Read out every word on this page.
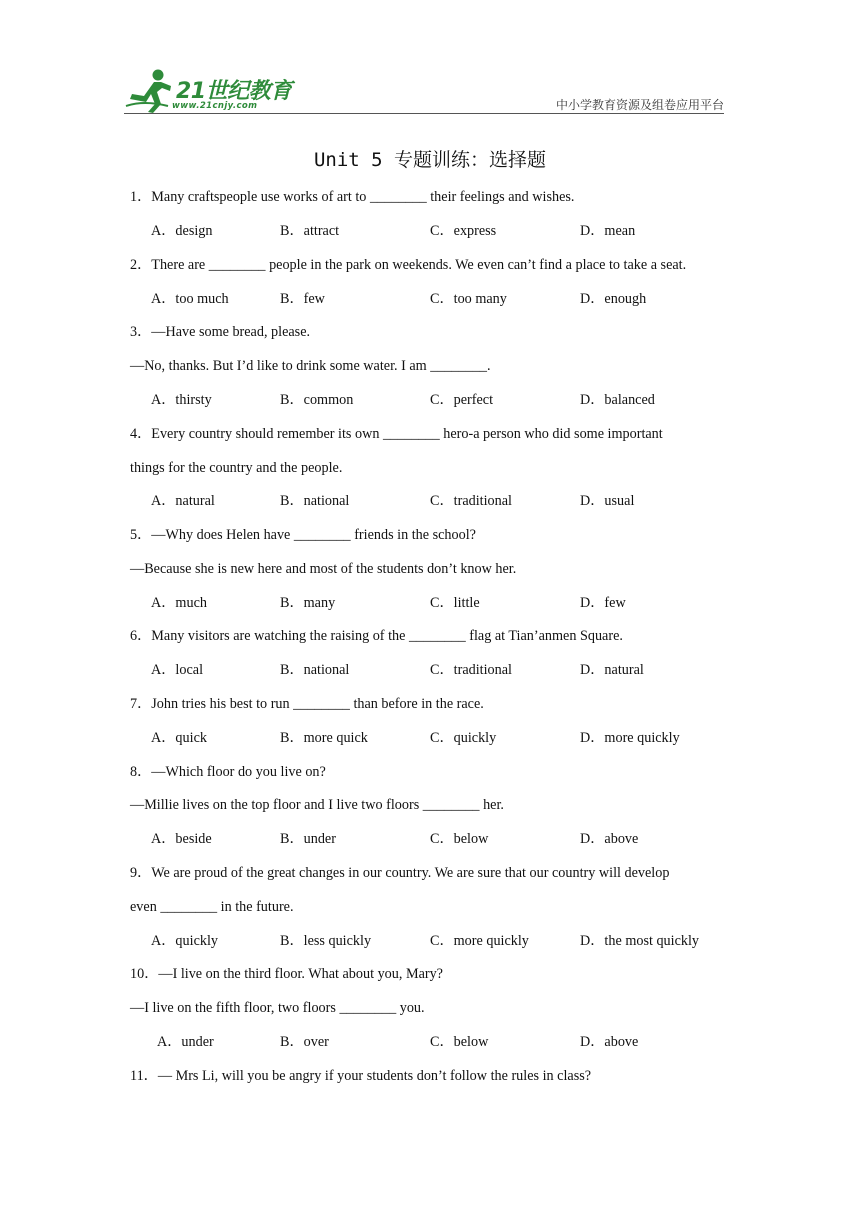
21世纪教育
www.21cnjy.com	中小学教育资源及组卷应用平台
Unit 5 专题训练：选择题
1．Many craftspeople use works of art to ________ their feelings and wishes.
A．design	B．attract	C．express	D．mean
2．There are ________ people in the park on weekends. We even can’t find a place to take a seat.
A．too much	B．few	C．too many	D．enough
3．—Have some bread, please.
—No, thanks. But I’d like to drink some water. I am ________.
A．thirsty	B．common	C．perfect	D．balanced
4．Every country should remember its own ________ hero-a person who did some important
things for the country and the people.
A．natural	B．national	C．traditional	D．usual
5．—Why does Helen have ________ friends in the school?
—Because she is new here and most of the students don’t know her.
A．much	B．many	C．little	D．few
6．Many visitors are watching the raising of the ________ flag at Tian’anmen Square.
A．local	B．national	C．traditional	D．natural
7．John tries his best to run ________ than before in the race.
A．quick	B．more quick	C．quickly	D．more quickly
8．—Which floor do you live on?
—Millie lives on the top floor and I live two floors ________ her.
A．beside	B．under	C．below	D．above
9．We are proud of the great changes in our country. We are sure that our country will develop
even ________ in the future.
A．quickly	B．less quickly	C．more quickly	D．the most quickly
10．—I live on the third floor. What about you, Mary?
—I live on the fifth floor, two floors ________ you.
A．under	B．over	C．below	D．above
11．— Mrs Li, will you be angry if your students don’t follow the rules in class?
